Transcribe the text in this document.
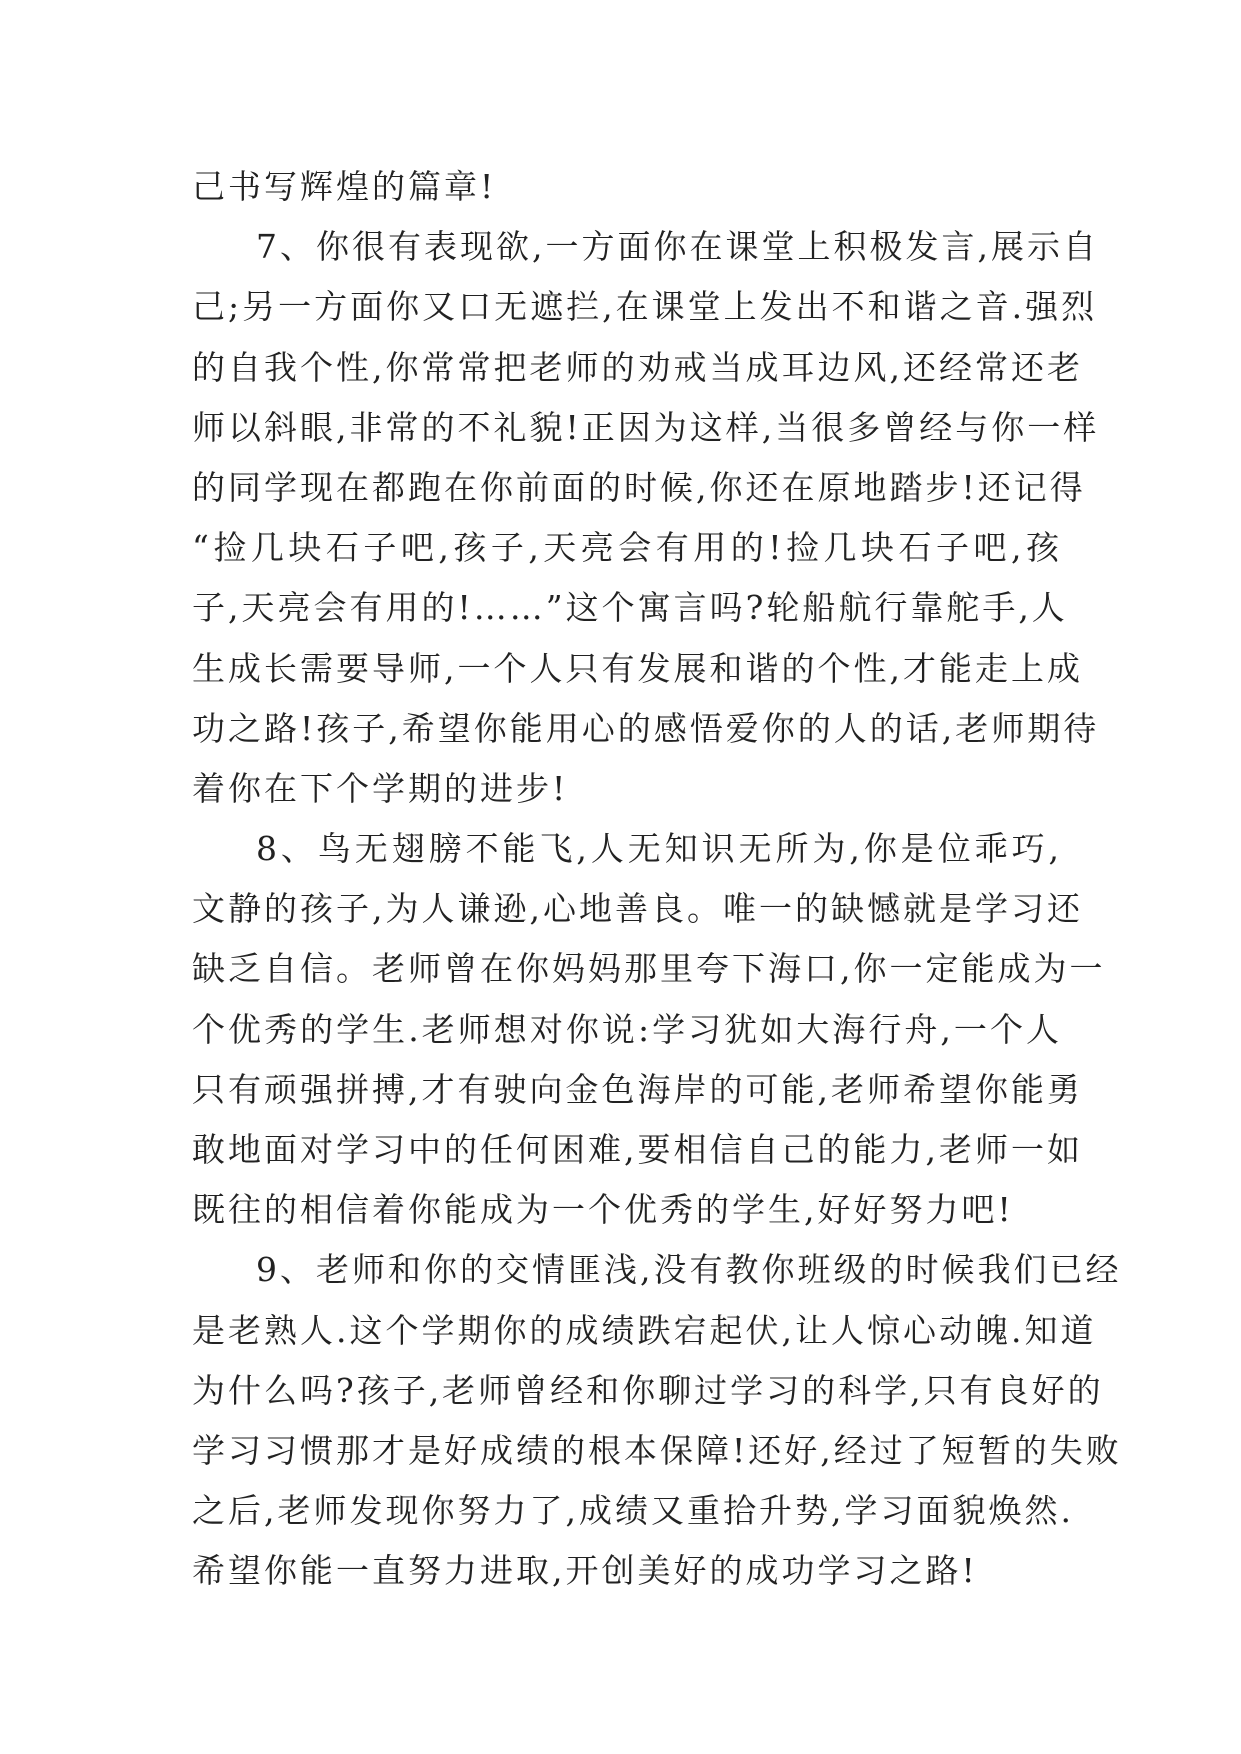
己书写辉煌的篇章!
7、你很有表现欲,一方面你在课堂上积极发言,展示自
己;另一方面你又口无遮拦,在课堂上发出不和谐之音.强烈
的自我个性,你常常把老师的劝戒当成耳边风,还经常还老
师以斜眼,非常的不礼貌!正因为这样,当很多曾经与你一样
的同学现在都跑在你前面的时候,你还在原地踏步!还记得
“捡几块石子吧,孩子,天亮会有用的!捡几块石子吧,孩
子,天亮会有用的!……”这个寓言吗?轮船航行靠舵手,人
生成长需要导师,一个人只有发展和谐的个性,才能走上成
功之路!孩子,希望你能用心的感悟爱你的人的话,老师期待
着你在下个学期的进步!
8、鸟无翅膀不能飞,人无知识无所为,你是位乖巧,
文静的孩子,为人谦逊,心地善良。唯一的缺憾就是学习还
缺乏自信。老师曾在你妈妈那里夸下海口,你一定能成为一
个优秀的学生.老师想对你说:学习犹如大海行舟,一个人
只有顽强拼搏,才有驶向金色海岸的可能,老师希望你能勇
敢地面对学习中的任何困难,要相信自己的能力,老师一如
既往的相信着你能成为一个优秀的学生,好好努力吧!
9、老师和你的交情匪浅,没有教你班级的时候我们已经
是老熟人.这个学期你的成绩跌宕起伏,让人惊心动魄.知道
为什么吗?孩子,老师曾经和你聊过学习的科学,只有良好的
学习习惯那才是好成绩的根本保障!还好,经过了短暂的失败
之后,老师发现你努力了,成绩又重拾升势,学习面貌焕然.
希望你能一直努力进取,开创美好的成功学习之路!
